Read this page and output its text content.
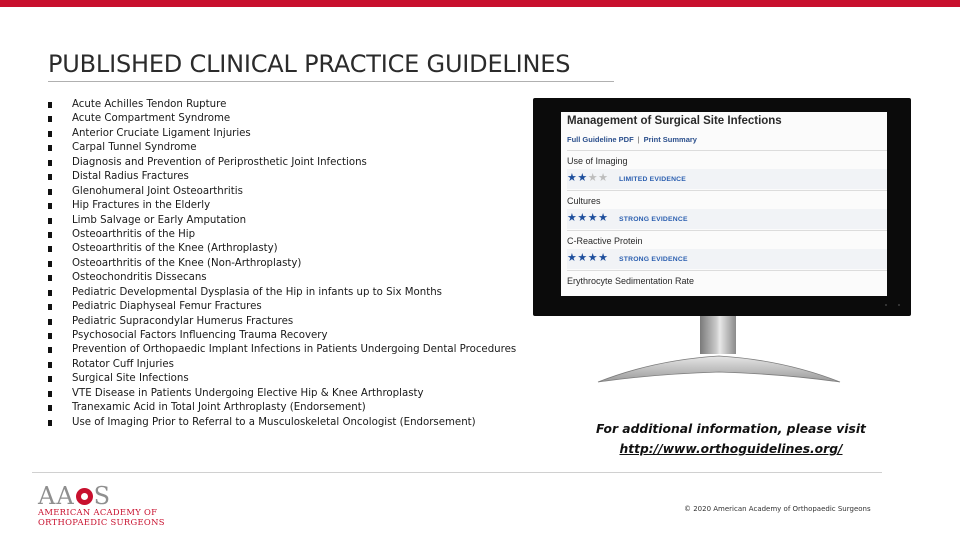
PUBLISHED CLINICAL PRACTICE GUIDELINES
Acute Achilles Tendon Rupture
Acute Compartment Syndrome
Anterior Cruciate Ligament Injuries
Carpal Tunnel Syndrome
Diagnosis and Prevention of Periprosthetic Joint Infections
Distal Radius Fractures
Glenohumeral Joint Osteoarthritis
Hip Fractures in the Elderly
Limb Salvage or Early Amputation
Osteoarthritis of the Hip
Osteoarthritis of the Knee (Arthroplasty)
Osteoarthritis of the Knee (Non-Arthroplasty)
Osteochondritis Dissecans
Pediatric Developmental Dysplasia of the Hip in infants up to Six Months
Pediatric Diaphyseal Femur Fractures
Pediatric Supracondylar Humerus Fractures
Psychosocial Factors Influencing Trauma Recovery
Prevention of Orthopaedic Implant Infections in Patients Undergoing Dental Procedures
Rotator Cuff Injuries
Surgical Site Infections
VTE Disease in Patients Undergoing Elective Hip & Knee Arthroplasty
Tranexamic Acid in Total Joint Arthroplasty (Endorsement)
Use of Imaging Prior to Referral to a Musculoskeletal Oncologist (Endorsement)
Management of Surgical Site Infections
Full Guideline PDF | Print Summary
Use of Imaging
★★★★ LIMITED EVIDENCE
Cultures
★★★★ STRONG EVIDENCE
C-Reactive Protein
★★★★ STRONG EVIDENCE
Erythrocyte Sedimentation Rate
For additional information, please visit
http://www.orthoguidelines.org/
AA S
AMERICAN ACADEMY OF
ORTHOPAEDIC SURGEONS
© 2020 American Academy of Orthopaedic Surgeons
